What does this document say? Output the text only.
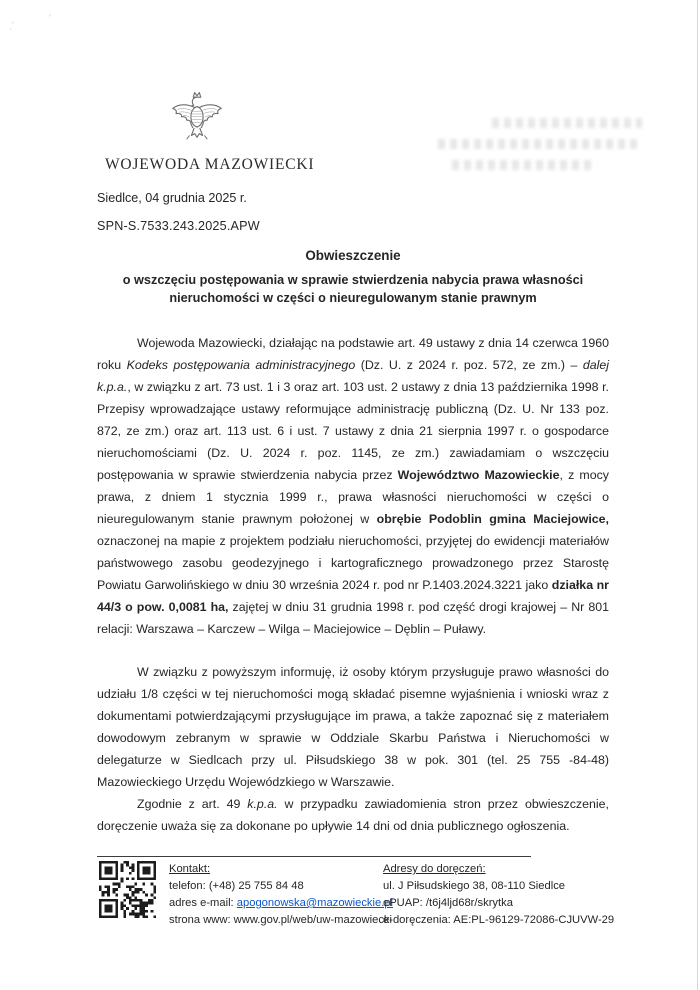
ˌ'
ʹ
WOJEWODA MAZOWIECKI
Siedlce, 04 grudnia 2025 r.
SPN-S.7533.243.2025.APW
Obwieszczenie
o wszczęciu postępowania w sprawie stwierdzenia nabycia prawa własności nieruchomości w części o nieuregulowanym stanie prawnym

Wojewoda Mazowiecki, działając na podstawie art. 49 ustawy z dnia 14 czerwca 1960 roku Kodeks postępowania administracyjnego (Dz. U. z 2024 r. poz. 572, ze zm.) – dalej k.p.a., w związku z art. 73 ust. 1 i 3 oraz art. 103 ust. 2 ustawy z dnia 13 października 1998 r. Przepisy wprowadzające ustawy reformujące administrację publiczną (Dz. U. Nr 133 poz. 872, ze zm.) oraz art. 113 ust. 6 i ust. 7 ustawy z dnia 21 sierpnia 1997 r. o gospodarce nieruchomościami (Dz. U. 2024 r. poz. 1145, ze zm.) zawiadamiam o wszczęciu postępowania w sprawie stwierdzenia nabycia przez Województwo Mazowieckie, z mocy prawa, z dniem 1 stycznia 1999 r., prawa własności nieruchomości w części o nieuregulowanym stanie prawnym położonej w obrębie Podoblin gmina Maciejowice, oznaczonej na mapie z projektem podziału nieruchomości, przyjętej do ewidencji materiałów państwowego zasobu geodezyjnego i kartograficznego prowadzonego przez Starostę Powiatu Garwolińskiego w dniu 30 września 2024 r. pod nr P.1403.2024.3221 jako działka nr 44/3 o pow. 0,0081 ha, zajętej w dniu 31 grudnia 1998 r. pod część drogi krajowej – Nr 801 relacji: Warszawa – Karczew – Wilga – Maciejowice – Dęblin – Puławy.

W związku z powyższym informuję, iż osoby którym przysługuje prawo własności do udziału 1/8 części w tej nieruchomości mogą składać pisemne wyjaśnienia i wnioski wraz z dokumentami potwierdzającymi przysługujące im prawa, a także zapoznać się z materiałem dowodowym zebranym w sprawie w Oddziale Skarbu Państwa i Nieruchomości w delegaturze w Siedlcach przy ul. Piłsudskiego 38 w pok. 301 (tel. 25 755 -84-48) Mazowieckiego Urzędu Wojewódzkiego w Warszawie.

Zgodnie z art. 49 k.p.a. w przypadku zawiadomienia stron przez obwieszczenie, doręczenie uważa się za dokonane po upływie 14 dni od dnia publicznego ogłoszenia.

Kontakt:
telefon: (+48) 25 755 84 48
adres e-mail: apogonowska@mazowieckie.pl
strona www: www.gov.pl/web/uw-mazowiecki
Adresy do doręczeń:
ul. J Piłsudskiego 38, 08-110 Siedlce
ePUAP: /t6j4ljd68r/skrytka
e-doręczenia: AE:PL-96129-72086-CJUVW-29
